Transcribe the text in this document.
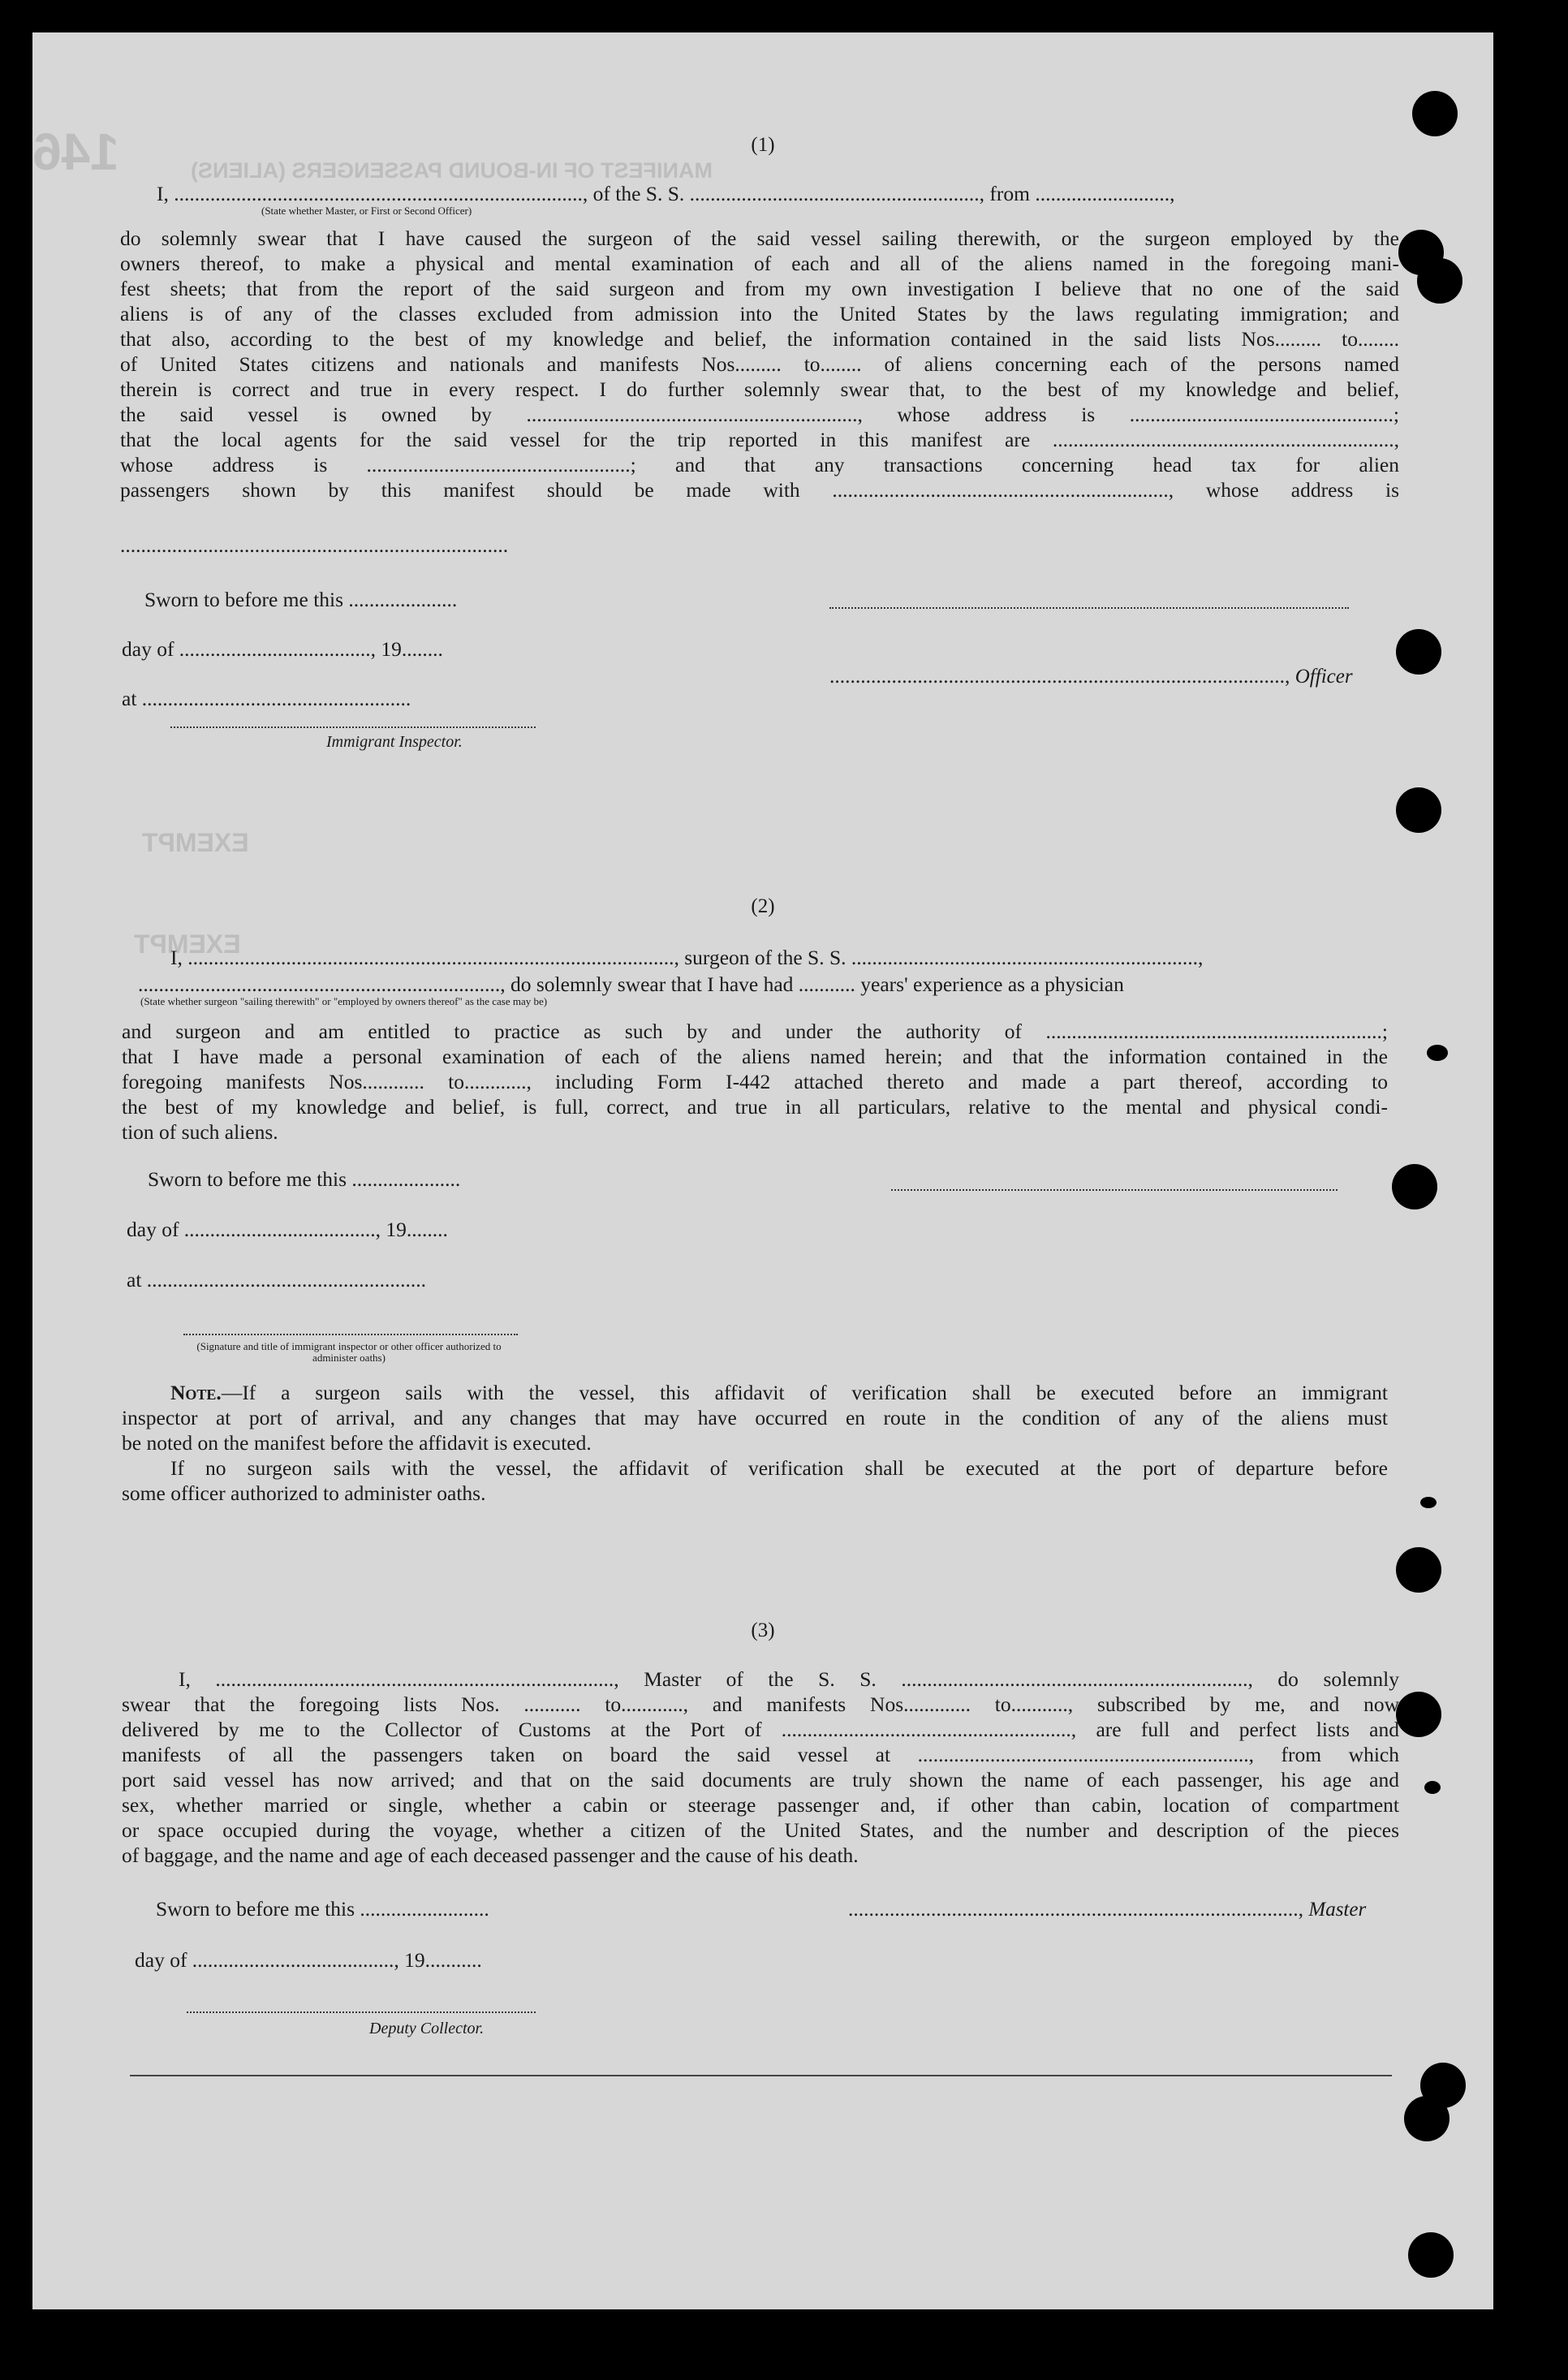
146	MANIFEST OF IN-BOUND PASSENGERS (ALIENS)
EXEMPT
EXEMPT
(1)
I, ..............................................................................., of the S. S. ........................................................, from ..........................,
(State whether Master, or First or Second Officer)
do solemnly swear that I have caused the surgeon of the said vessel sailing therewith, or the surgeon employed by the
owners thereof, to make a physical and mental examination of each and all of the aliens named in the foregoing mani-
fest sheets; that from the report of the said surgeon and from my own investigation I believe that no one of the said
aliens is of any of the classes excluded from admission into the United States by the laws regulating immigration; and
that also, according to the best of my knowledge and belief, the information contained in the said lists Nos......... to........
of United States citizens and nationals and manifests Nos......... to........ of aliens concerning each of the persons named
therein is correct and true in every respect. I do further solemnly swear that, to the best of my knowledge and belief,
the said vessel is owned by ................................................................, whose address is ...................................................;
that the local agents for the said vessel for the trip reported in this manifest are ..................................................................,
whose address is ...................................................; and that any transactions concerning head tax for alien
passengers shown by this manifest should be made with ................................................................., whose address is
...........................................................................
Sworn to before me this .....................
day of ....................................., 19........
........................................................................................, Officer
at ....................................................
Immigrant Inspector.
(2)
I, .............................................................................................., surgeon of the S. S. ...................................................................,
......................................................................, do solemnly swear that I have had ........... years' experience as a physician
(State whether surgeon "sailing therewith" or "employed by owners thereof" as the case may be)
and surgeon and am entitled to practice as such by and under the authority of .................................................................;
that I have made a personal examination of each of the aliens named herein; and that the information contained in the
foregoing manifests Nos............ to............, including Form I-442 attached thereto and made a part thereof, according to
the best of my knowledge and belief, is full, correct, and true in all particulars, relative to the mental and physical condi-
tion of such aliens.
Sworn to before me this .....................
day of ....................................., 19........
at ......................................................
(Signature and title of immigrant inspector or other officer authorized to administer oaths)
Note.—If a surgeon sails with the vessel, this affidavit of verification shall be executed before an immigrant
inspector at port of arrival, and any changes that may have occurred en route in the condition of any of the aliens must
be noted on the manifest before the affidavit is executed.
If no surgeon sails with the vessel, the affidavit of verification shall be executed at the port of departure before
some officer authorized to administer oaths.
(3)
I, ............................................................................., Master of the S. S. ..................................................................., do solemnly
swear that the foregoing lists Nos. ........... to............, and manifests Nos............. to..........., subscribed by me, and now
delivered by me to the Collector of Customs at the Port of ........................................................, are full and perfect lists and
manifests of all the passengers taken on board the said vessel at ................................................................, from which
port said vessel has now arrived; and that on the said documents are truly shown the name of each passenger, his age and
sex, whether married or single, whether a cabin or steerage passenger and, if other than cabin, location of compartment
or space occupied during the voyage, whether a citizen of the United States, and the number and description of the pieces
of baggage, and the name and age of each deceased passenger and the cause of his death.
Sworn to before me this .........................	......................................................................................., Master
day of ......................................., 19...........
Deputy Collector.
